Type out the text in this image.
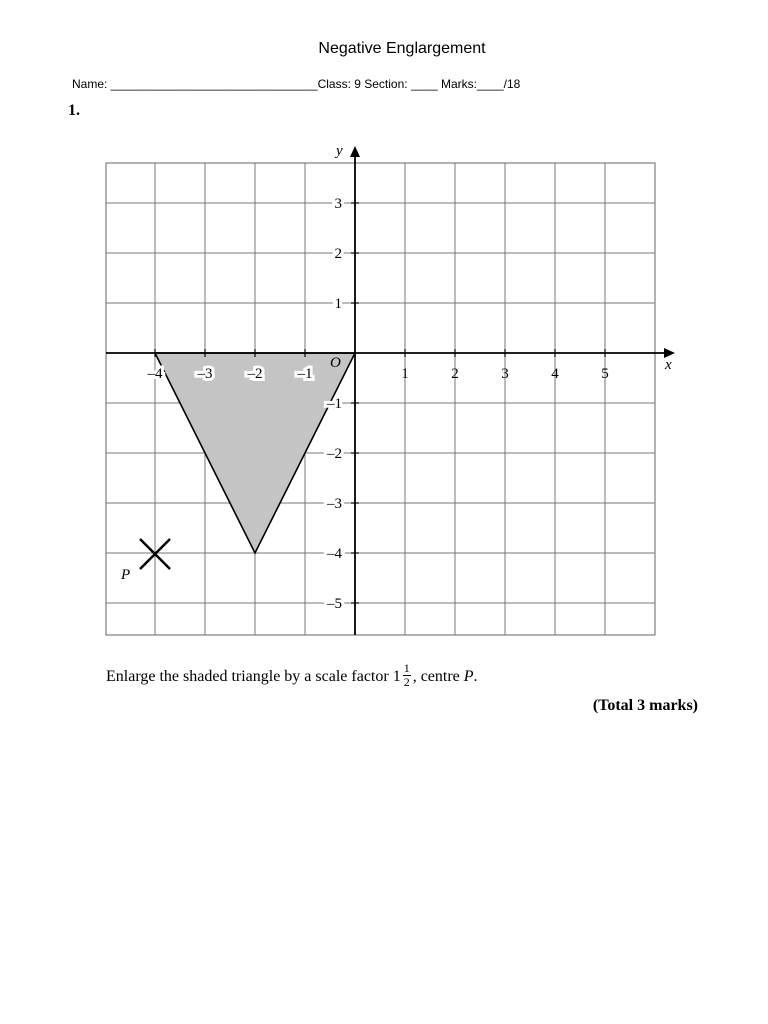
Negative Englargement
Name: _______________________________Class: 9 Section: ____ Marks:____/18
1.
–4 –3 –2 –1	1	2	3	4	5
3
2
1
–1
–2
–3
–4
–5
x
y
O
P
Enlarge the shaded triangle by a scale factor $1 \frac{1}{2}$ , centre P.
(Total 3 marks)
